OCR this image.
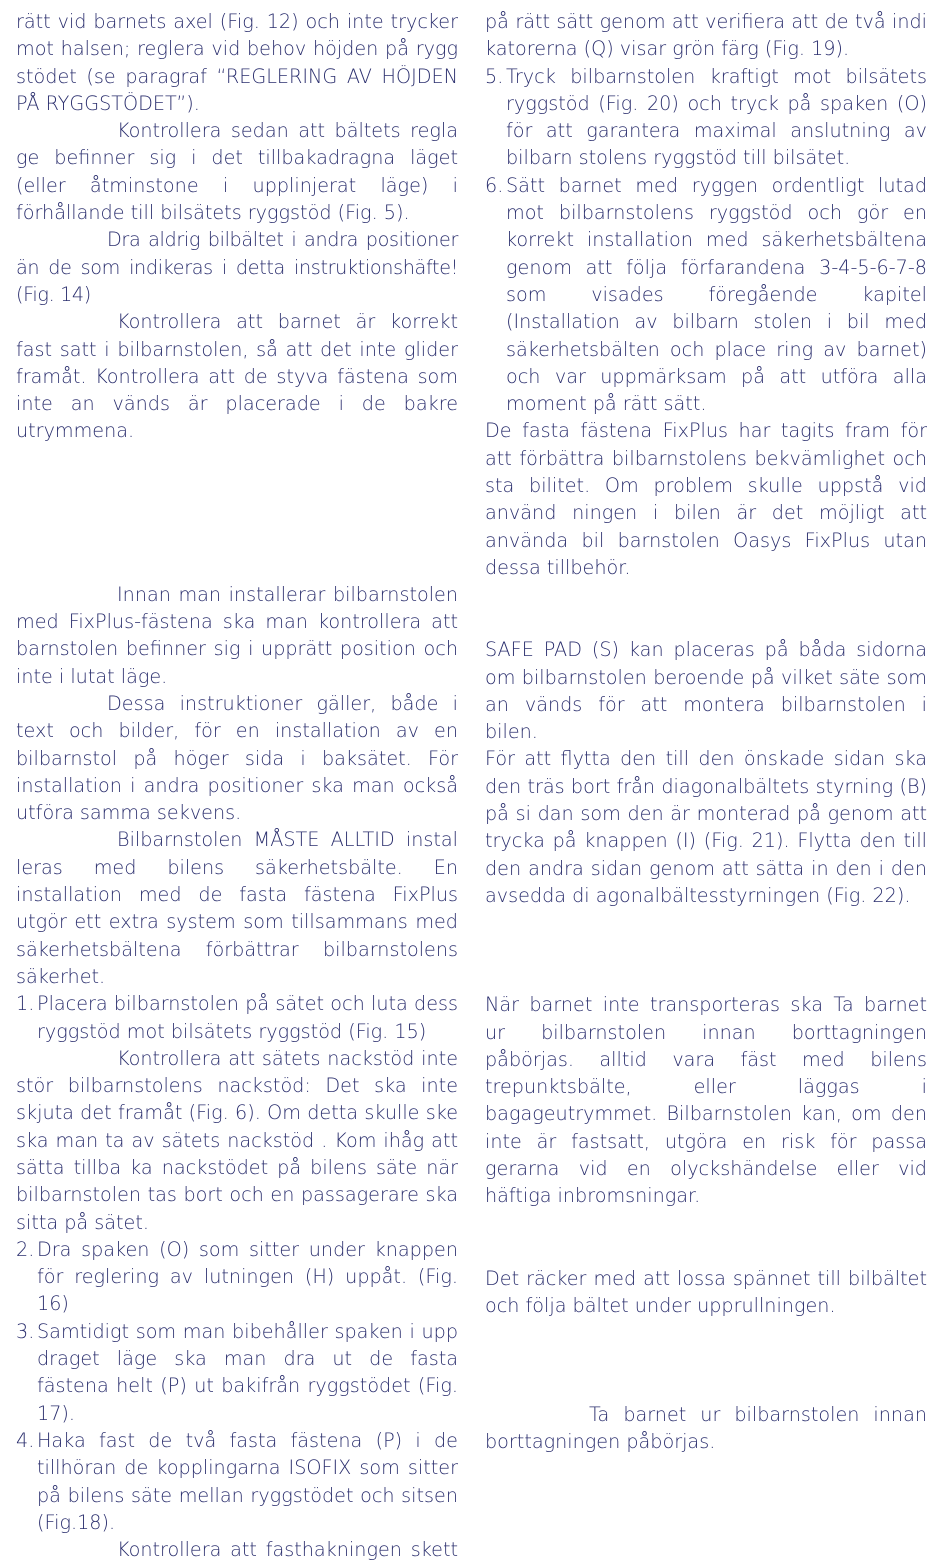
rätt vid barnets axel (Fig. 12) och inte trycker mot halsen; reglera vid behov höjden på rygg stödet (se paragraf “REGLERING AV HÖJDEN PÅ RYGGSTÖDET”).

Kontrollera sedan att bältets regla ge befinner sig i det tillbakadragna läget (eller åtminstone i upplinjerat läge) i förhållande till bilsätets ryggstöd (Fig. 5).

Dra aldrig bilbältet i andra positioner än de som indikeras i detta instruktionshäfte! (Fig. 14)

Kontrollera att barnet är korrekt fast satt i bilbarnstolen, så att det inte glider framåt. Kontrollera att de styva fästena som inte an vänds är placerade i de bakre utrymmena.

Innan man installerar bilbarnstolen med FixPlus-fästena ska man kontrollera att barnstolen befinner sig i upprätt position och inte i lutat läge.

Dessa instruktioner gäller, både i text och bilder, för en installation av en bilbarnstol på höger sida i baksätet. För installation i andra positioner ska man också utföra samma sekvens.

Bilbarnstolen MÅSTE ALLTID instal leras med bilens säkerhetsbälte. En installation med de fasta fästena FixPlus utgör ett extra system som tillsammans med säkerhetsbältena förbättrar bilbarnstolens säkerhet.

1. Placera bilbarnstolen på sätet och luta dess ryggstöd mot bilsätets ryggstöd (Fig. 15)

Kontrollera att sätets nackstöd inte stör bilbarnstolens nackstöd: Det ska inte skjuta det framåt (Fig. 6). Om detta skulle ske ska man ta av sätets nackstöd . Kom ihåg att sätta tillba ka nackstödet på bilens säte när bilbarnstolen tas bort och en passagerare ska sitta på sätet.

2. Dra spaken (O) som sitter under knappen för reglering av lutningen (H) uppåt. (Fig. 16)
3. Samtidigt som man bibehåller spaken i upp draget läge ska man dra ut de fasta fästena helt (P) ut bakifrån ryggstödet (Fig. 17).
4. Haka fast de två fasta fästena (P) i de tillhöran de kopplingarna ISOFIX som sitter på bilens säte mellan ryggstödet och sitsen (Fig.18).

Kontrollera att fasthakningen skett

på rätt sätt genom att verifiera att de två indi katorerna (Q) visar grön färg (Fig. 19).

5. Tryck bilbarnstolen kraftigt mot bilsätets ryggstöd (Fig. 20) och tryck på spaken (O) för att garantera maximal anslutning av bilbarn stolens ryggstöd till bilsätet.
6. Sätt barnet med ryggen ordentligt lutad mot bilbarnstolens ryggstöd och gör en korrekt installation med säkerhetsbältena genom att följa förfarandena 3-4-5-6-7-8 som visades föregående kapitel (Installation av bilbarn stolen i bil med säkerhetsbälten och place ring av barnet) och var uppmärksam på att utföra alla moment på rätt sätt.

De fasta fästena FixPlus har tagits fram för att förbättra bilbarnstolens bekvämlighet och sta bilitet. Om problem skulle uppstå vid använd ningen i bilen är det möjligt att använda bil barnstolen Oasys FixPlus utan dessa tillbehör.

SAFE PAD (S) kan placeras på båda sidorna om bilbarnstolen beroende på vilket säte som an vänds för att montera bilbarnstolen i bilen.

För att flytta den till den önskade sidan ska den träs bort från diagonalbältets styrning (B) på si dan som den är monterad på genom att trycka på knappen (I) (Fig. 21). Flytta den till den andra sidan genom att sätta in den i den avsedda di agonalbältesstyrningen (Fig. 22).

När barnet inte transporteras ska Ta barnet ur bilbarnstolen innan borttagningen påbörjas. alltid vara fäst med bilens trepunktsbälte, eller läggas i bagageutrymmet. Bilbarnstolen kan, om den inte är fastsatt, utgöra en risk för passa gerarna vid en olyckshändelse eller vid häftiga inbromsningar.

Det räcker med att lossa spännet till bilbältet och följa bältet under upprullningen.

Ta barnet ur bilbarnstolen innan borttagningen påbörjas.
